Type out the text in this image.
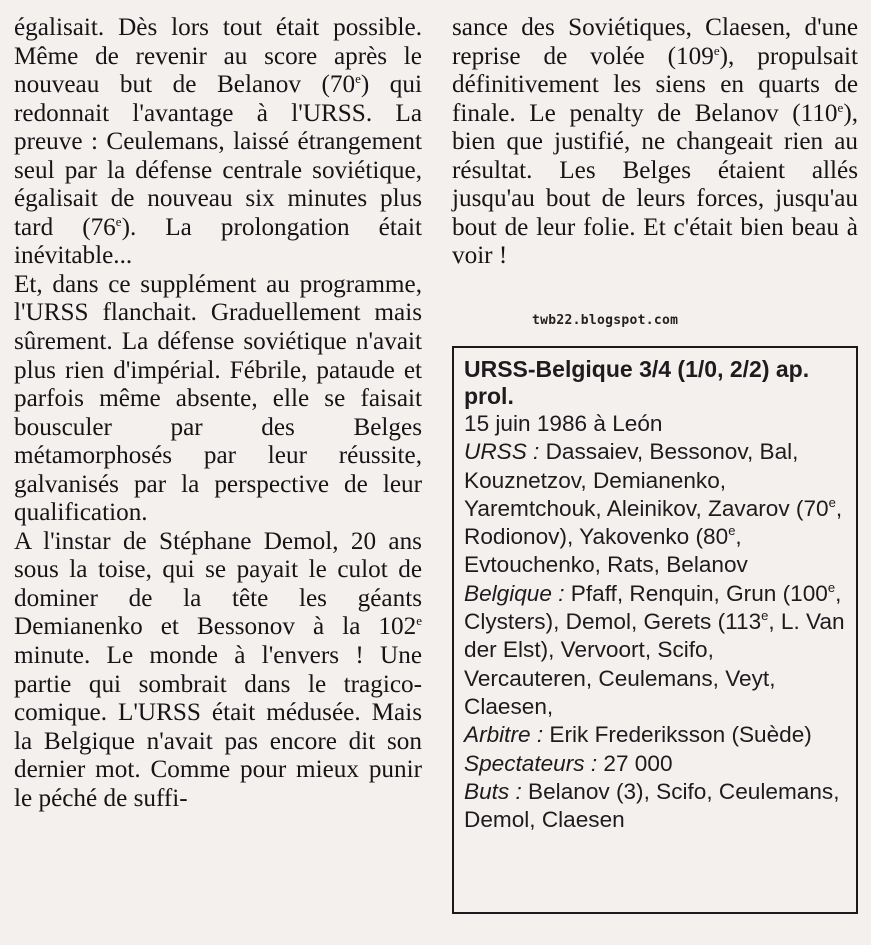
égalisait. Dès lors tout était possible. Même de revenir au score après le nouveau but de Belanov (70e) qui redonnait l'avantage à l'URSS. La preuve : Ceulemans, laissé étrangement seul par la défense centrale soviétique, égalisait de nouveau six minutes plus tard (76e). La prolongation était inévitable...

Et, dans ce supplément au programme, l'URSS flanchait. Graduellement mais sûrement. La défense soviétique n'avait plus rien d'impérial. Fébrile, pataude et parfois même absente, elle se faisait bousculer par des Belges métamorphosés par leur réussite, galvanisés par la perspective de leur qualification.

A l'instar de Stéphane Demol, 20 ans sous la toise, qui se payait le culot de dominer de la tête les géants Demianenko et Bessonov à la 102e minute. Le monde à l'envers ! Une partie qui sombrait dans le tragico-comique. L'URSS était médusée. Mais la Belgique n'avait pas encore dit son dernier mot. Comme pour mieux punir le péché de suffi-

sance des Soviétiques, Claesen, d'une reprise de volée (109e), propulsait définitivement les siens en quarts de finale. Le penalty de Belanov (110e), bien que justifié, ne changeait rien au résultat. Les Belges étaient allés jusqu'au bout de leurs forces, jusqu'au bout de leur folie. Et c'était bien beau à voir !

twb22.blogspot.com

URSS-Belgique 3/4 (1/0, 2/2) ap. prol.

15 juin 1986 à León

URSS : Dassaiev, Bessonov, Bal, Kouznetzov, Demianenko, Yaremtchouk, Aleinikov, Zavarov (70e, Rodionov), Yakovenko (80e, Evtouchenko, Rats, Belanov

Belgique : Pfaff, Renquin, Grun (100e, Clysters), Demol, Gerets (113e, L. Van der Elst), Vervoort, Scifo, Vercauteren, Ceulemans, Veyt, Claesen,

Arbitre : Erik Frederiksson (Suède)

Spectateurs : 27 000

Buts : Belanov (3), Scifo, Ceulemans, Demol, Claesen
